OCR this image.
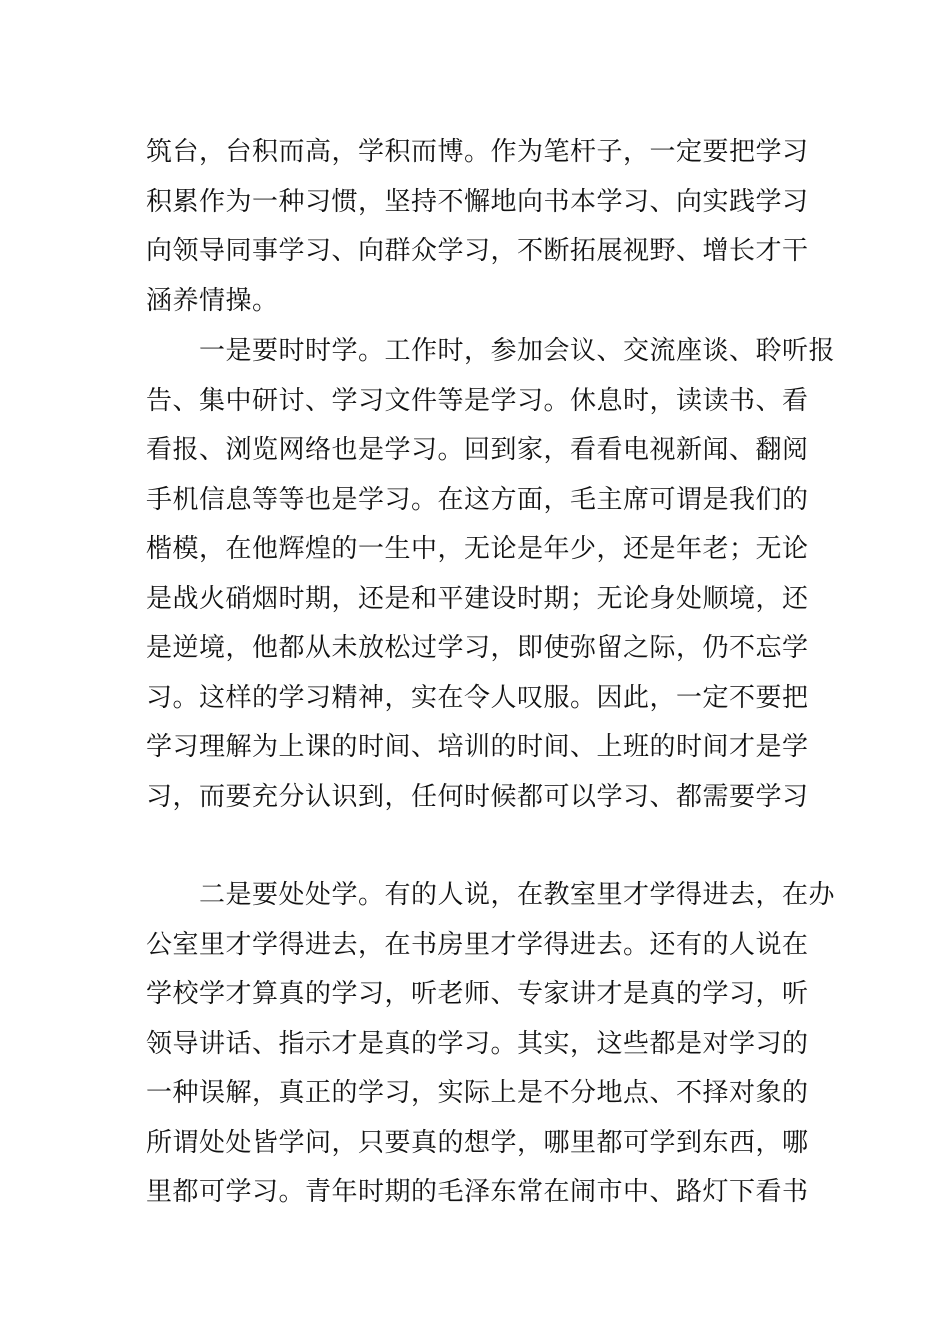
筑台，台积而高，学积而博。作为笔杆子，一定要把学习
积累作为一种习惯，坚持不懈地向书本学习、向实践学习
向领导同事学习、向群众学习，不断拓展视野、增长才干
涵养情操。
　　一是要时时学。工作时，参加会议、交流座谈、聆听报
告、集中研讨、学习文件等是学习。休息时，读读书、看
看报、浏览网络也是学习。回到家，看看电视新闻、翻阅
手机信息等等也是学习。在这方面，毛主席可谓是我们的
楷模，在他辉煌的一生中，无论是年少，还是年老；无论
是战火硝烟时期，还是和平建设时期；无论身处顺境，还
是逆境，他都从未放松过学习，即使弥留之际，仍不忘学
习。这样的学习精神，实在令人叹服。因此，一定不要把
学习理解为上课的时间、培训的时间、上班的时间才是学
习，而要充分认识到，任何时候都可以学习、都需要学习
　　二是要处处学。有的人说，在教室里才学得进去，在办
公室里才学得进去，在书房里才学得进去。还有的人说在
学校学才算真的学习，听老师、专家讲才是真的学习，听
领导讲话、指示才是真的学习。其实，这些都是对学习的
一种误解，真正的学习，实际上是不分地点、不择对象的
所谓处处皆学问，只要真的想学，哪里都可学到东西，哪
里都可学习。青年时期的毛泽东常在闹市中、路灯下看书
